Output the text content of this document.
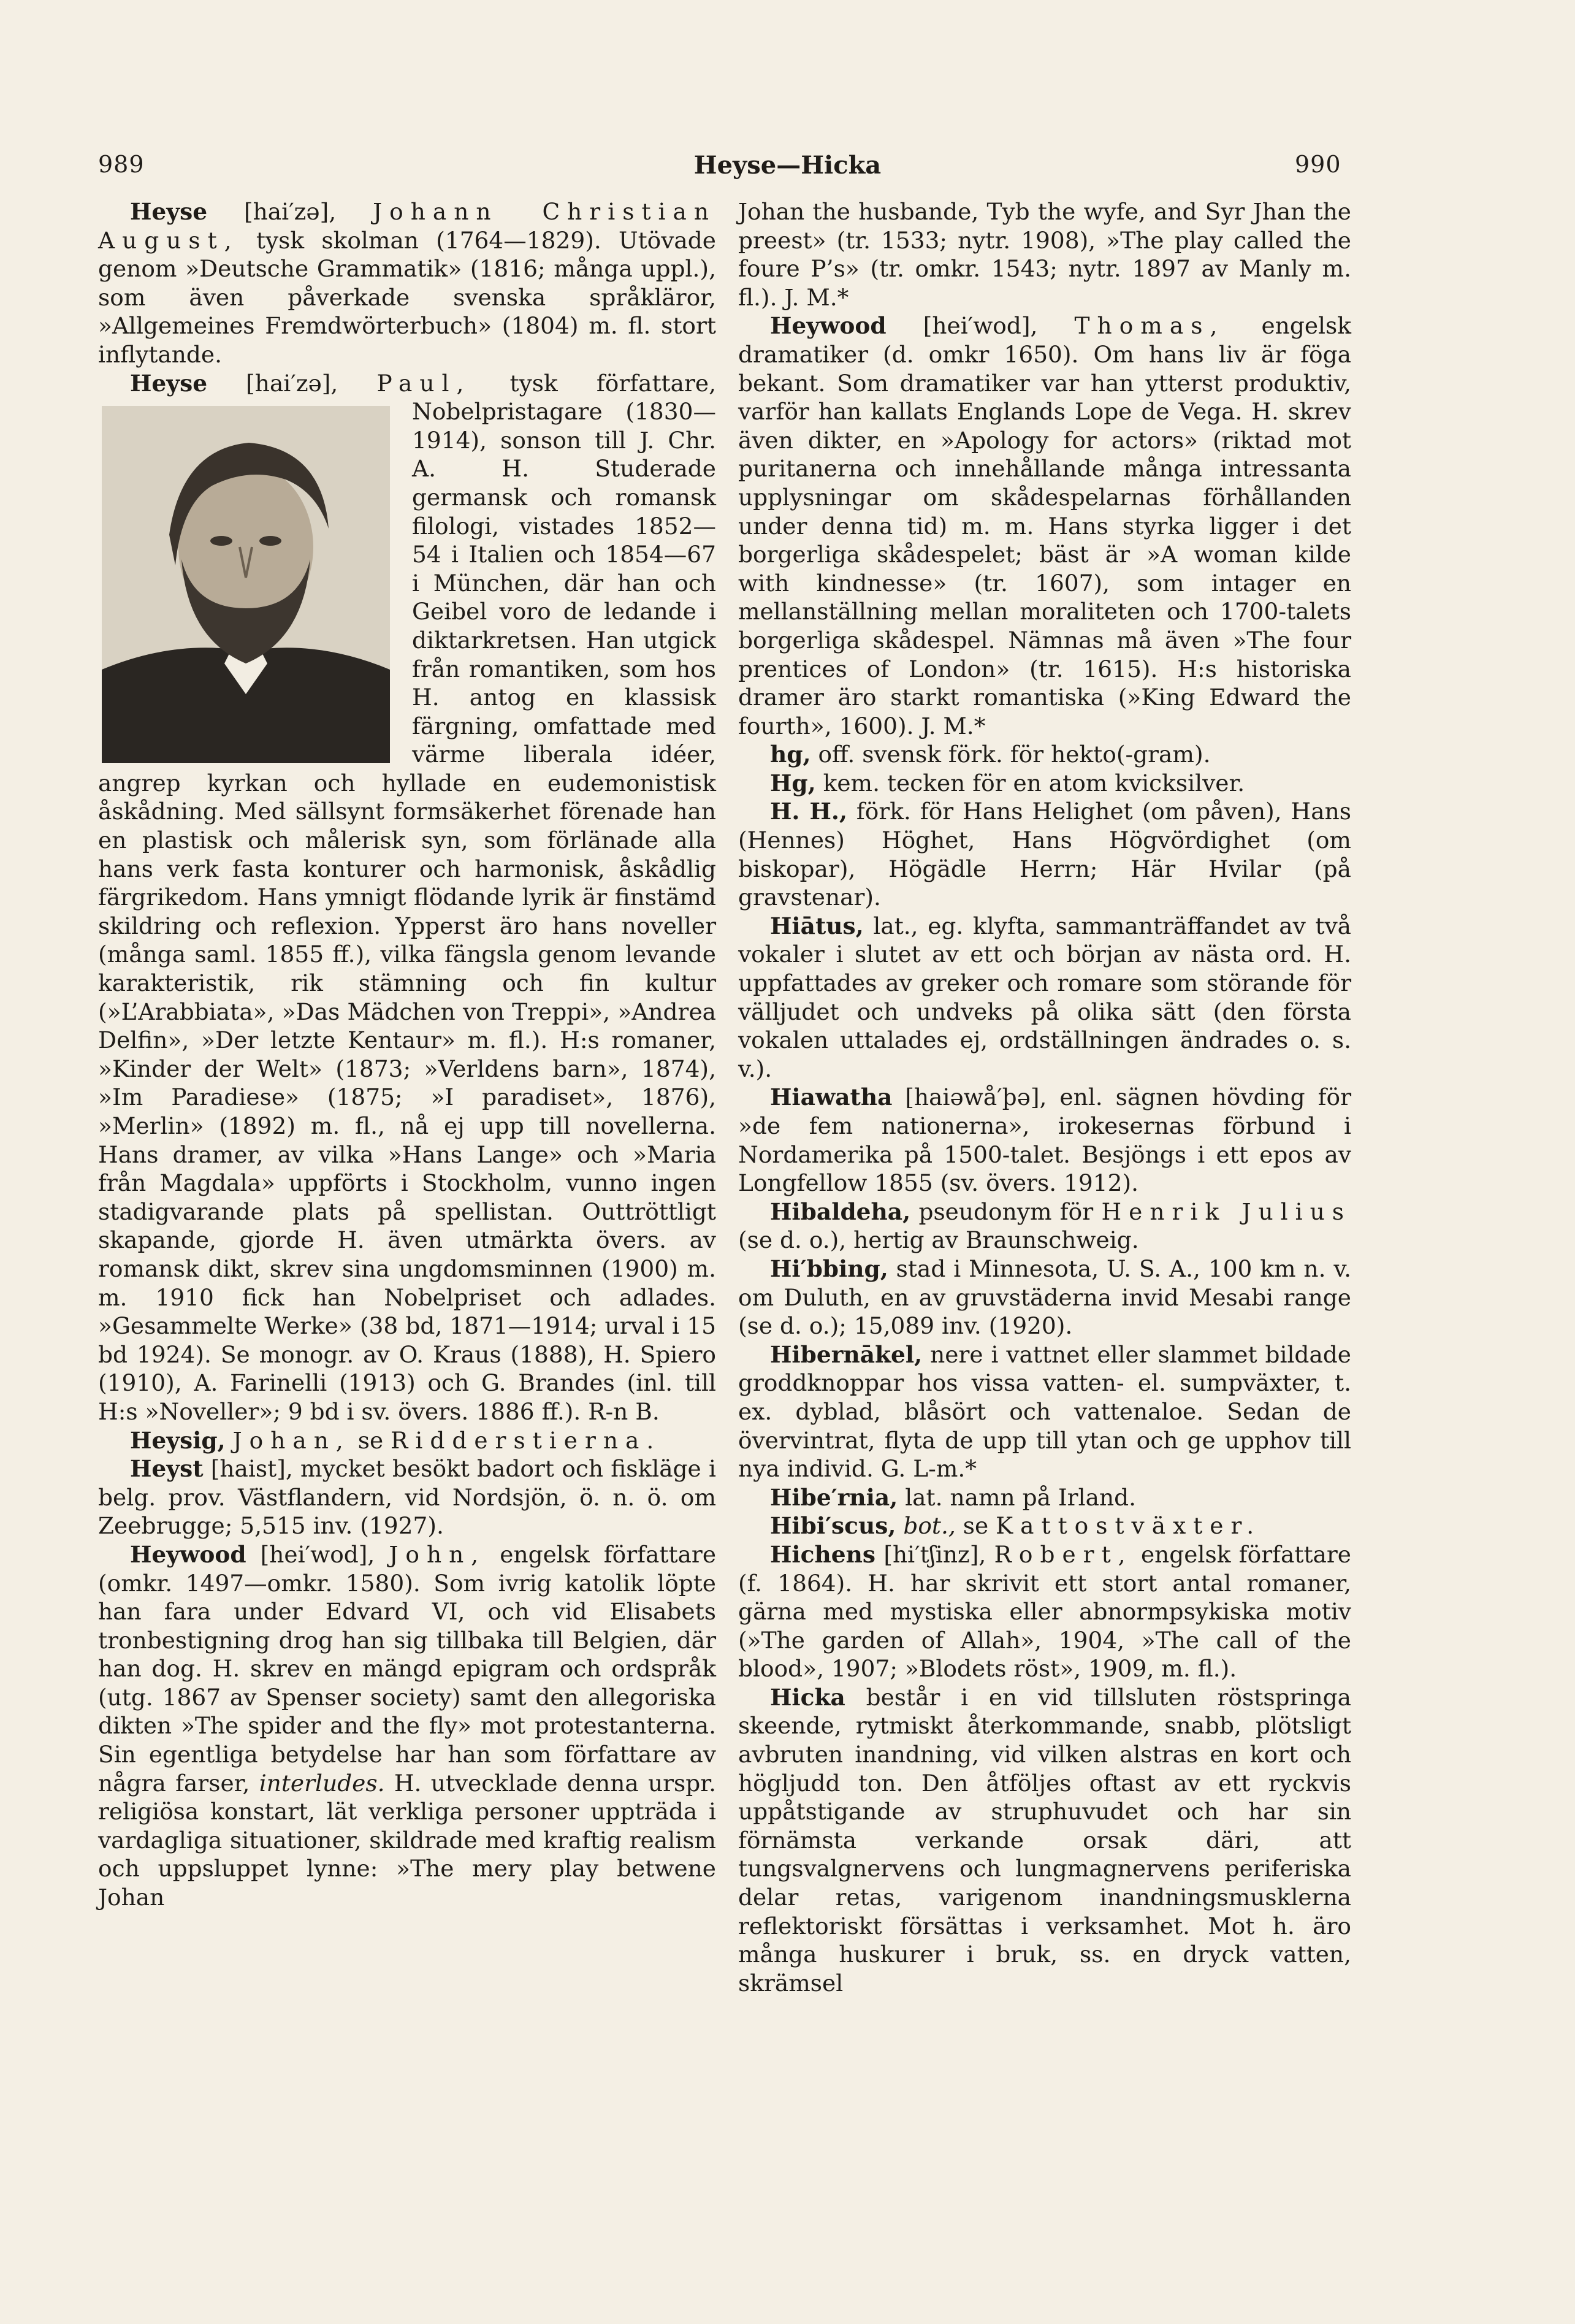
989	Heyse—Hicka	990

Heyse [hai′zə], Johann Christian August, tysk skolman (1764—1829). Utövade genom »Deutsche Grammatik» (1816; många uppl.), som även påverkade svenska språkläror, »Allgemeines Fremdwörterbuch» (1804) m. fl. stort inflytande.

Heyse [hai′zə], Paul, tysk författare, Nobelpristagare (1830—1914), sonson till J. Chr. A. H. Studerade germansk och romansk filologi, vistades 1852—54 i Italien och 1854—67 i München, där han och Geibel voro de ledande i diktarkretsen. Han utgick från romantiken, som hos H. antog en klassisk färgning, omfattade med värme liberala idéer, angrep kyrkan och hyllade en eudemonistisk åskådning. Med sällsynt formsäkerhet förenade han en plastisk och målerisk syn, som förlänade alla hans verk fasta konturer och harmonisk, åskådlig färgrikedom. Hans ymnigt flödande lyrik är finstämd skildring och reflexion. Ypperst äro hans noveller (många saml. 1855 ff.), vilka fängsla genom levande karakteristik, rik stämning och fin kultur (»L’Arabbiata», »Das Mädchen von Treppi», »Andrea Delfin», »Der letzte Kentaur» m. fl.). H:s romaner, »Kinder der Welt» (1873; »Verldens barn», 1874), »Im Paradiese» (1875; »I paradiset», 1876), »Merlin» (1892) m. fl., nå ej upp till novellerna. Hans dramer, av vilka »Hans Lange» och »Maria från Magdala» uppförts i Stockholm, vunno ingen stadigvarande plats på spellistan. Outtröttligt skapande, gjorde H. även utmärkta övers. av romansk dikt, skrev sina ungdomsminnen (1900) m. m. 1910 fick han Nobelpriset och adlades. »Gesammelte Werke» (38 bd, 1871—1914; urval i 15 bd 1924). Se monogr. av O. Kraus (1888), H. Spiero (1910), A. Farinelli (1913) och G. Brandes (inl. till H:s »Noveller»; 9 bd i sv. övers. 1886 ff.). R-n B.

Heysig, Johan, se Ridderstierna.

Heyst [haist], mycket besökt badort och fiskläge i belg. prov. Västflandern, vid Nordsjön, ö. n. ö. om Zeebrugge; 5,515 inv. (1927).

Heywood [hei′wod], John, engelsk författare (omkr. 1497—omkr. 1580). Som ivrig katolik löpte han fara under Edvard VI, och vid Elisabets tronbestigning drog han sig tillbaka till Belgien, där han dog. H. skrev en mängd epigram och ordspråk (utg. 1867 av Spenser society) samt den allegoriska dikten »The spider and the fly» mot protestanterna. Sin egentliga betydelse har han som författare av några farser, interludes. H. utvecklade denna urspr. religiösa konstart, lät verkliga personer uppträda i vardagliga situationer, skildrade med kraftig realism och uppsluppet lynne: »The mery play betwene Johan

Johan the husbande, Tyb the wyfe, and Syr Jhan the preest» (tr. 1533; nytr. 1908), »The play called the foure P’s» (tr. omkr. 1543; nytr. 1897 av Manly m. fl.). J. M.*

Heywood [hei′wod], Thomas, engelsk dramatiker (d. omkr 1650). Om hans liv är föga bekant. Som dramatiker var han ytterst produktiv, varför han kallats Englands Lope de Vega. H. skrev även dikter, en »Apology for actors» (riktad mot puritanerna och innehållande många intressanta upplysningar om skådespelarnas förhållanden under denna tid) m. m. Hans styrka ligger i det borgerliga skådespelet; bäst är »A woman kilde with kindnesse» (tr. 1607), som intager en mellanställning mellan moraliteten och 1700-talets borgerliga skådespel. Nämnas må även »The four prentices of London» (tr. 1615). H:s historiska dramer äro starkt romantiska (»King Edward the fourth», 1600). J. M.*

hg, off. svensk förk. för hekto(-gram).

Hg, kem. tecken för en atom kvicksilver.

H. H., förk. för Hans Helighet (om påven), Hans (Hennes) Höghet, Hans Högvördighet (om biskopar), Högädle Herrn; Här Hvilar (på gravstenar).

Hiātus, lat., eg. klyfta, sammanträffandet av två vokaler i slutet av ett och början av nästa ord. H. uppfattades av greker och romare som störande för välljudet och undveks på olika sätt (den första vokalen uttalades ej, ordställningen ändrades o. s. v.).

Hiawatha [haiəwå′þə], enl. sägnen hövding för »de fem nationerna», irokesernas förbund i Nordamerika på 1500-talet. Besjöngs i ett epos av Longfellow 1855 (sv. övers. 1912).

Hibaldeha, pseudonym för Henrik Julius (se d. o.), hertig av Braunschweig.

Hi′bbing, stad i Minnesota, U. S. A., 100 km n. v. om Duluth, en av gruvstäderna invid Mesabi range (se d. o.); 15,089 inv. (1920).

Hibernākel, nere i vattnet eller slammet bildade groddknoppar hos vissa vatten- el. sumpväxter, t. ex. dyblad, blåsört och vattenaloe. Sedan de övervintrat, flyta de upp till ytan och ge upphov till nya individ. G. L-m.*

Hibe′rnia, lat. namn på Irland.

Hibi′scus, bot., se Kattostväxter.

Hichens [hi′tʃinz], Robert, engelsk författare (f. 1864). H. har skrivit ett stort antal romaner, gärna med mystiska eller abnormpsykiska motiv (»The garden of Allah», 1904, »The call of the blood», 1907; »Blodets röst», 1909, m. fl.).

Hicka består i en vid tillsluten röstspringa skeende, rytmiskt återkommande, snabb, plötsligt avbruten inandning, vid vilken alstras en kort och högljudd ton. Den åtföljes oftast av ett ryckvis uppåtstigande av struphuvudet och har sin förnämsta verkande orsak däri, att tungsvalgnervens och lungmagnervens periferiska delar retas, varigenom inandningsmusklerna reflektoriskt försättas i verksamhet. Mot h. äro många huskurer i bruk, ss. en dryck vatten, skrämsel
